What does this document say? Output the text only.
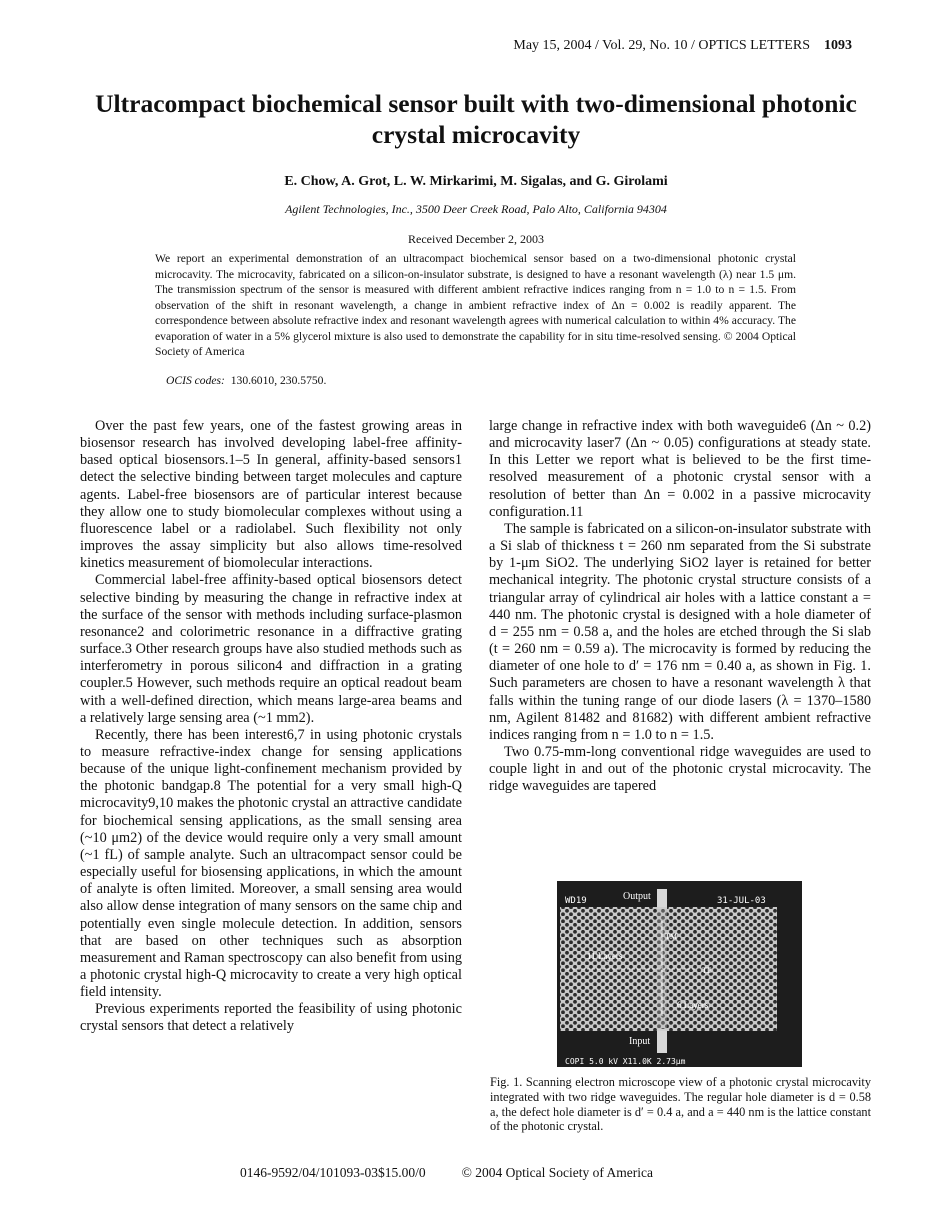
May 15, 2004 / Vol. 29, No. 10 / OPTICS LETTERS 1093
Ultracompact biochemical sensor built with two-dimensional photonic crystal microcavity
E. Chow, A. Grot, L. W. Mirkarimi, M. Sigalas, and G. Girolami
Agilent Technologies, Inc., 3500 Deer Creek Road, Palo Alto, California 94304
Received December 2, 2003
We report an experimental demonstration of an ultracompact biochemical sensor based on a two-dimensional photonic crystal microcavity. The microcavity, fabricated on a silicon-on-insulator substrate, is designed to have a resonant wavelength (λ) near 1.5 μm. The transmission spectrum of the sensor is measured with different ambient refractive indices ranging from n = 1.0 to n = 1.5. From observation of the shift in resonant wavelength, a change in ambient refractive index of Δn = 0.002 is readily apparent. The correspondence between absolute refractive index and resonant wavelength agrees with numerical calculation to within 4% accuracy. The evaporation of water in a 5% glycerol mixture is also used to demonstrate the capability for in situ time-resolved sensing. © 2004 Optical Society of America
OCIS codes: 130.6010, 230.5750.

Over the past few years, one of the fastest growing areas in biosensor research has involved developing label-free affinity-based optical biosensors.1–5 In general, affinity-based sensors1 detect the selective binding between target molecules and capture agents. Label-free biosensors are of particular interest because they allow one to study biomolecular complexes without using a fluorescence label or a radiolabel. Such flexibility not only improves the assay simplicity but also allows time-resolved kinetics measurement of biomolecular interactions.

Commercial label-free affinity-based optical biosensors detect selective binding by measuring the change in refractive index at the surface of the sensor with methods including surface-plasmon resonance2 and colorimetric resonance in a diffractive grating surface.3 Other research groups have also studied methods such as interferometry in porous silicon4 and diffraction in a grating coupler.5 However, such methods require an optical readout beam with a well-defined direction, which means large-area beams and a relatively large sensing area (~1 mm2).

Recently, there has been interest6,7 in using photonic crystals to measure refractive-index change for sensing applications because of the unique light-confinement mechanism provided by the photonic bandgap.8 The potential for a very small high-Q microcavity9,10 makes the photonic crystal an attractive candidate for biochemical sensing applications, as the small sensing area (~10 μm2) of the device would require only a very small amount (~1 fL) of sample analyte. Such an ultracompact sensor could be especially useful for biosensing applications, in which the amount of analyte is often limited. Moreover, a small sensing area would also allow dense integration of many sensors on the same chip and potentially even single molecule detection. In addition, sensors that are based on other techniques such as absorption measurement and Raman spectroscopy can also benefit from using a photonic crystal high-Q microcavity to create a very high optical field intensity.

Previous experiments reported the feasibility of using photonic crystal sensors that detect a relatively

large change in refractive index with both waveguide6 (Δn ~ 0.2) and microcavity laser7 (Δn ~ 0.05) configurations at steady state. In this Letter we report what is believed to be the first time-resolved measurement of a photonic crystal sensor with a resolution of better than Δn = 0.002 in a passive microcavity configuration.11

The sample is fabricated on a silicon-on-insulator substrate with a Si slab of thickness t = 260 nm separated from the Si substrate by 1-μm SiO2. The underlying SiO2 layer is retained for better mechanical integrity. The photonic crystal structure consists of a triangular array of cylindrical air holes with a lattice constant a = 440 nm. The photonic crystal is designed with a hole diameter of d = 255 nm = 0.58 a, and the holes are etched through the Si slab (t = 260 nm = 0.59 a). The microcavity is formed by reducing the diameter of one hole to d′ = 176 nm = 0.40 a, as shown in Fig. 1. Such parameters are chosen to have a resonant wavelength λ that falls within the tuning range of our diode lasers (λ = 1370–1580 nm, Agilent 81482 and 81682) with different ambient refractive indices ranging from n = 1.0 to n = 1.5.

Two 0.75-mm-long conventional ridge waveguides are used to couple light in and out of the photonic crystal microcavity. The ridge waveguides are tapered

WD19	31-JUL-03
Output
Input
11 Layers
6 Layers
TM
TE
COPI 5.0 kV X11.0K 2.73μm
Fig. 1. Scanning electron microscope view of a photonic crystal microcavity integrated with two ridge waveguides. The regular hole diameter is d = 0.58 a, the defect hole diameter is d′ = 0.4 a, and a = 440 nm is the lattice constant of the photonic crystal.
0146-9592/04/101093-03$15.00/0	© 2004 Optical Society of America
